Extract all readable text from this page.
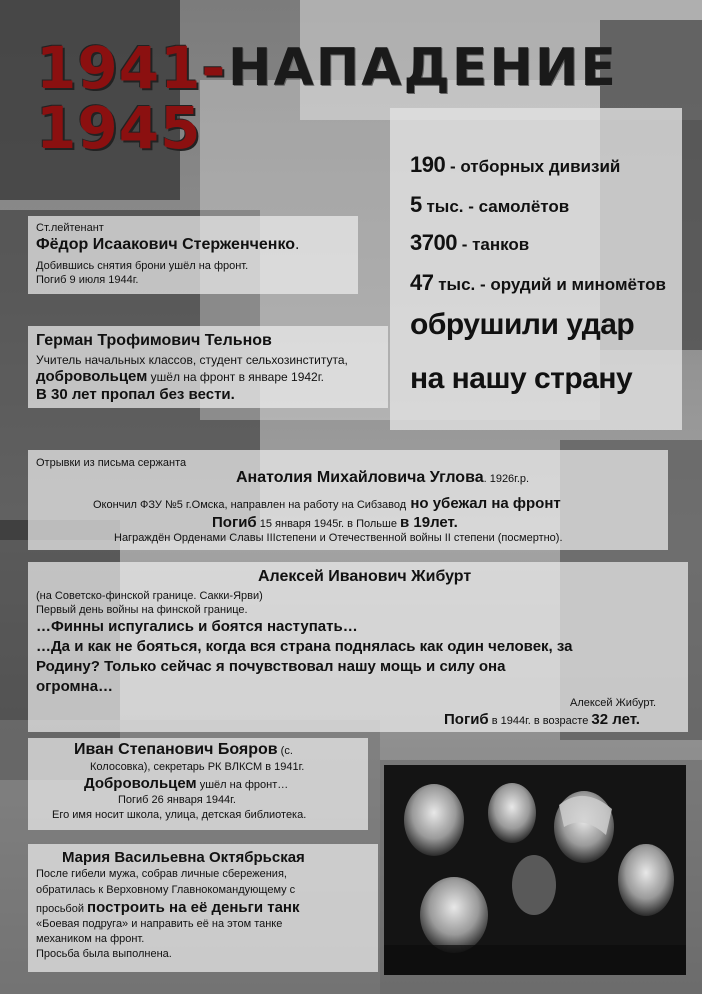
1941-
1945
НАПАДЕНИЕ
190 - отборных дивизий
5 тыс. - самолётов
3700 - танков
47 тыс. - орудий и миномётов
обрушили удар
на нашу страну
Ст.лейтенант
Фёдор Исаакович Стерженченко.
Добившись снятия брони ушёл на фронт.
Погиб 9 июля 1944г.
Герман Трофимович Тельнов
Учитель начальных классов, студент сельхозинститута,
добровольцем ушёл на фронт в январе 1942г.
В 30 лет пропал без вести.
Отрывки из письма сержанта
Анатолия Михайловича Углова. 1926г.р.
Окончил ФЗУ №5 г.Омска, направлен на работу на Сибзавод но убежал на фронт
Погиб 15 января 1945г. в Польше в 19лет.
Награждён Орденами Славы IIIстепени и Отечественной войны II степени (посмертно).
Алексей Иванович Жибурт
(на Советско-финской границе. Сакки-Ярви)
Первый день войны на финской границе.
…Финны испугались и боятся наступать…
…Да и как не бояться, когда вся страна поднялась как один человек, за
Родину? Только сейчас я почувствовал нашу мощь и силу она
огромна…
Алексей Жибурт.
Погиб в 1944г. в возрасте 32 лет.
Иван Степанович Бояров (с.
Колосовка), секретарь РК ВЛКСМ в 1941г.
Добровольцем ушёл на фронт…
Погиб 26 января 1944г.
Его имя носит школа, улица, детская библиотека.
Мария Васильевна Октябрьская
После гибели мужа, собрав личные сбережения,
обратилась к Верховному Главнокомандующему с
просьбой построить на её деньги танк
«Боевая подруга» и направить её на этом танке
механиком на фронт.
Просьба была выполнена.
